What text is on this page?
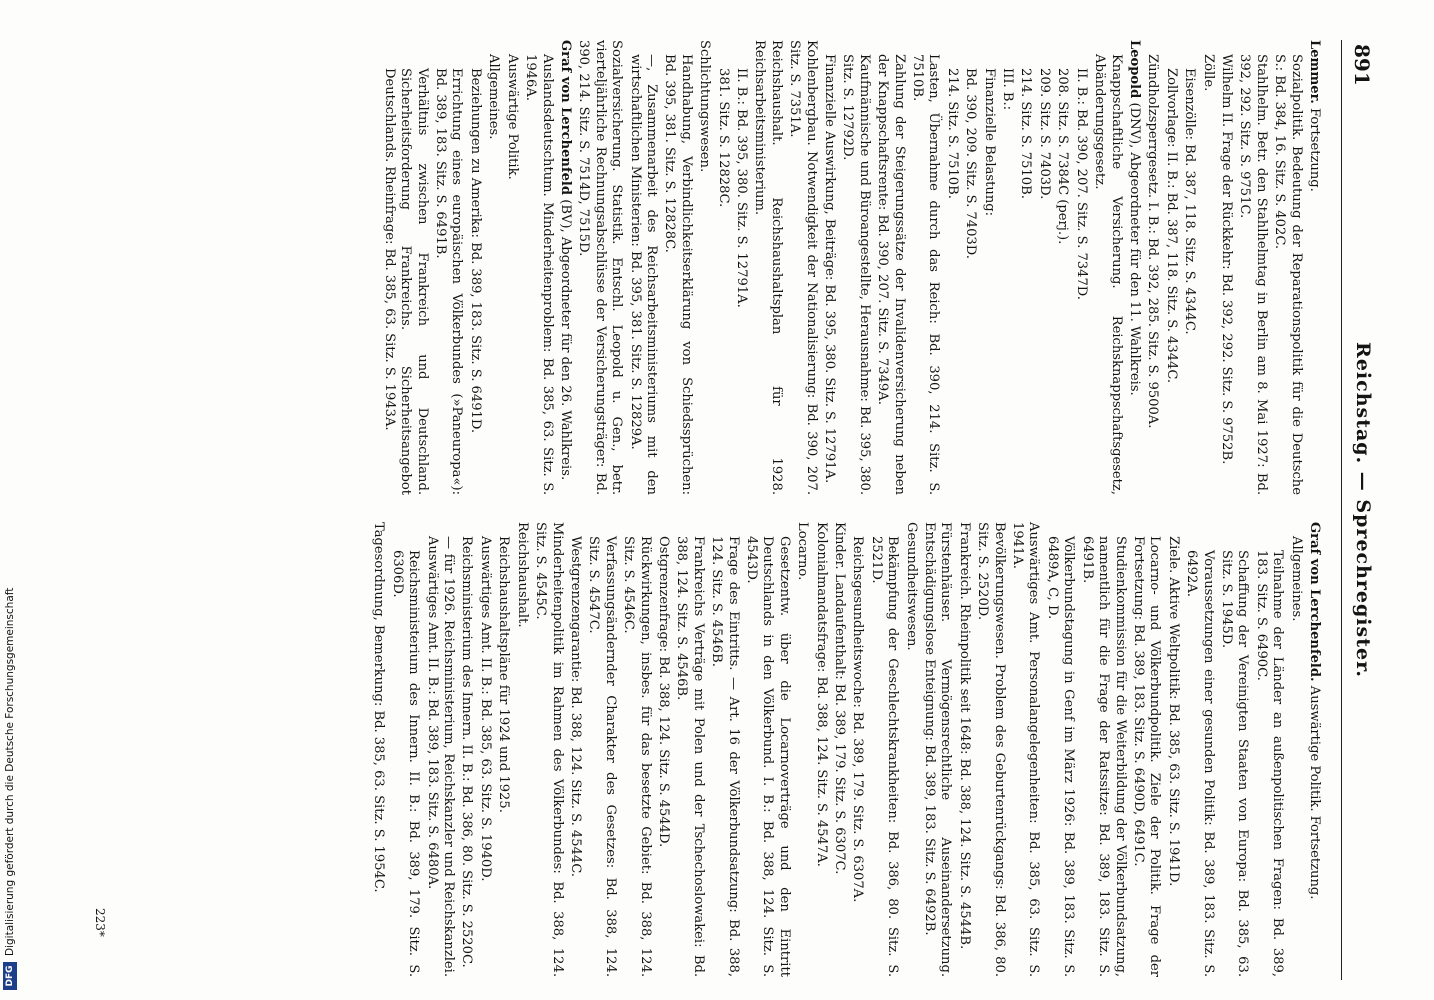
891
Reichstag. — Sprechregister.
Lemmer. Fortsetzung.
Sozialpolitik. Bedeutung der Reparationspolitik für die Deutsche S.: Bd. 384, 16. Sitz. S. 402C.
Stahlhelm. Betr. den Stahlhelmtag in Berlin am 8. Mai 1927: Bd. 392, 292. Sitz. S. 9751C.
Wilhelm II. Frage der Rückkehr: Bd. 392, 292. Sitz. S. 9752B.
Zölle.
Eisenzölle: Bd. 387, 118. Sitz. S. 4344C.
Zollvorlage: II. B.: Bd. 387, 118. Sitz. S. 4344C.
Zündholzsperrgesetz. I. B.: Bd. 392, 285. Sitz. S. 9500A.
Leopold (DNV), Abgeordneter für den 11. Wahlkreis.
Knappschaftliche Versicherung. Reichsknappschaftsgesetz, Abänderungsgesetz.
II. B.: Bd. 390, 207. Sitz. S. 7347D.
208. Sitz. S. 7384C (perj.).
209. Sitz. S. 7403D.
214. Sitz. S. 7510B.
III. B.:
Finanzielle Belastung:
Bd. 390, 209. Sitz. S. 7403D.
214. Sitz. S. 7510B.
Lasten, Übernahme durch das Reich: Bd. 390, 214. Sitz. S. 7510B.
Zahlung der Steigerungssätze der Invalidenversicherung neben der Knappschaftsrente: Bd. 390, 207. Sitz. S. 7349A.
Kaufmännische und Büroangestellte, Herausnahme: Bd. 395, 380. Sitz. S. 12792D.
Finanzielle Auswirkung, Beiträge: Bd. 395, 380. Sitz. S. 12791A.
Kohlenbergbau. Notwendigkeit der Nationalisierung: Bd. 390, 207. Sitz. S. 7351A.
Reichshaushalt. Reichshaushaltsplan für 1928. Reichsarbeitsministerium.
II. B.: Bd. 395, 380. Sitz. S. 12791A.
381. Sitz. S. 12828C.
Schlichtungswesen.
Handhabung, Verbindlichkeitserklärung von Schiedssprüchen: Bd. 395, 381. Sitz. S. 12828C.
—, Zusammenarbeit des Reichsarbeitsministeriums mit den wirtschaftlichen Ministerien: Bd. 395, 381. Sitz. S. 12829A.
Sozialversicherung. Statistik. Entschl. Leopold u. Gen., betr. vierteljährliche Rechnungsabschlüsse der Versicherungsträger: Bd. 390, 214. Sitz. S. 7514D, 7515D.
Graf von Lerchenfeld (BV), Abgeordneter für den 26. Wahlkreis.
Auslandsdeutschtum. Minderheitenproblem: Bd. 385, 63. Sitz. S. 1946A.
Auswärtige Politik.
Allgemeines.
Beziehungen zu Amerika: Bd. 389, 183. Sitz. S. 6491D.
Errichtung eines europäischen Völkerbundes (»Paneuropa«): Bd. 389, 183. Sitz. S. 6491B.
Verhältnis zwischen Frankreich und Deutschland. Sicherheitsforderung Frankreichs. Sicherheitsangebot Deutschlands. Rheinfrage: Bd. 385, 63. Sitz. S. 1943A.
Graf von Lerchenfeld. Auswärtige Politik. Fortsetzung.
Allgemeines.
Teilnahme der Länder an außenpolitischen Fragen: Bd. 389, 183. Sitz. S. 6490C.
Schaffung der Vereinigten Staaten von Europa: Bd. 385, 63. Sitz. S. 1945D.
Voraussetzungen einer gesunden Politik: Bd. 389, 183. Sitz. S. 6492A.
Ziele. Aktive Weltpolitik: Bd. 385, 63. Sitz. S. 1941D.
Locarno- und Völkerbundpolitik. Ziele der Politik. Frage der Fortsetzung: Bd. 389, 183. Sitz. S. 6490D, 6491C.
Studienkommission für die Weiterbildung der Völkerbundsatzung, namentlich für die Frage der Ratssitze: Bd. 389, 183. Sitz. S. 6491B.
Völkerbundstagung in Genf im März 1926: Bd. 389, 183. Sitz. S. 6489A, C, D.
Auswärtiges Amt. Personalangelegenheiten: Bd. 385, 63. Sitz. S. 1941A.
Bevölkerungswesen. Problem des Geburtenrückgangs: Bd. 386, 80. Sitz. S. 2520D.
Frankreich. Rheinpolitik seit 1648: Bd. 388, 124. Sitz. S. 4544B.
Fürstenhäuser. Vermögensrechtliche Auseinandersetzung. Entschädigungslose Enteignung: Bd. 389, 183. Sitz. S. 6492B.
Gesundheitswesen.
Bekämpfung der Geschlechtskrankheiten: Bd. 386, 80. Sitz. S. 2521D.
Reichsgesundheitswoche: Bd. 389, 179. Sitz. S. 6307A.
Kinder. Landaufenthalt: Bd. 389, 179. Sitz. S. 6307C.
Kolonialmandatsfrage: Bd. 388, 124. Sitz. S. 4547A.
Locarno.
Gesetzentw. über die Locarnoverträge und den Eintritt Deutschlands in den Völkerbund. I. B.: Bd. 388, 124. Sitz. S. 4543D.
Frage des Eintritts. — Art. 16 der Völkerbundsatzung: Bd. 388, 124. Sitz. S. 4546B.
Frankreichs Verträge mit Polen und der Tschechoslowakei: Bd. 388, 124. Sitz. S. 4546B.
Ostgrenzenfrage: Bd. 388, 124. Sitz. S. 4544D.
Rückwirkungen, insbes. für das besetzte Gebiet: Bd. 388, 124. Sitz. S. 4546C.
Verfassungsändernder Charakter des Gesetzes: Bd. 388, 124. Sitz. S. 4547C.
Westgrenzengarantie: Bd. 388, 124. Sitz. S. 4544C.
Minderheitenpolitik im Rahmen des Völkerbundes: Bd. 388, 124. Sitz. S. 4545C.
Reichshaushalt.
Reichshaushaltspläne für 1924 und 1925.
Auswärtiges Amt. II. B.: Bd. 385, 63. Sitz. S. 1940D.
Reichsministerium des Innern. II. B.: Bd. 386, 80. Sitz. S. 2520C.
— für 1926. Reichsministerium, Reichskanzler und Reichskanzlei. Auswärtiges Amt. II. B.: Bd. 389, 183. Sitz. S. 6480A.
Reichsministerium des Innern. II. B.: Bd. 389, 179. Sitz. S. 6306D.
Tagesordnung, Bemerkung: Bd. 385, 63. Sitz. S. 1954C.
223*
DFG
Digitalisierung gefördert durch die Deutsche Forschungsgemeinschaft
